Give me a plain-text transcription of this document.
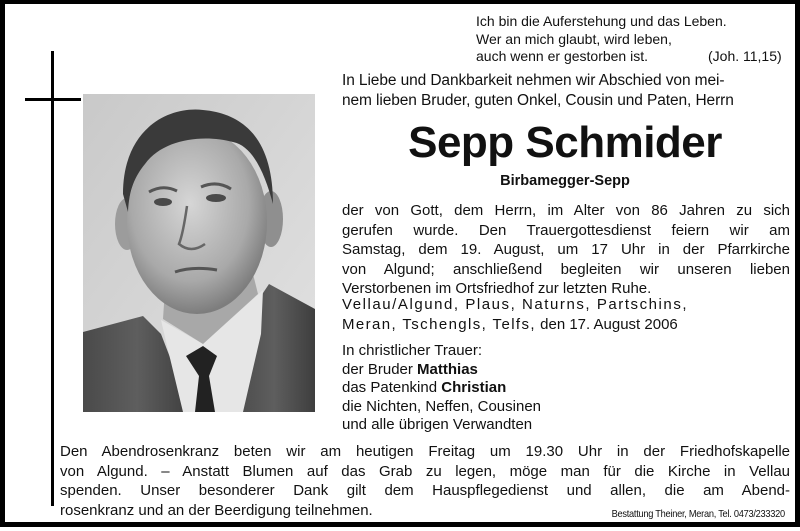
Ich bin die Auferstehung und das Leben.
Wer an mich glaubt, wird leben,
auch wenn er gestorben ist.	(Joh. 11,15)
In Liebe und Dankbarkeit nehmen wir Abschied von mei-
nem lieben Bruder, guten Onkel, Cousin und Paten, Herrn
Sepp Schmider
Birbamegger-Sepp
der von Gott, dem Herrn, im Alter von 86 Jahren zu sich
gerufen wurde. Den Trauergottesdienst feiern wir am
Samstag, dem 19. August, um 17 Uhr in der Pfarrkirche
von Algund; anschließend begleiten wir unseren lieben
Verstorbenen im Ortsfriedhof zur letzten Ruhe.
Vellau/Algund, Plaus, Naturns, Partschins,
Meran, Tschengls, Telfs, den 17. August 2006
In christlicher Trauer:
der Bruder Matthias
das Patenkind Christian
die Nichten, Neffen, Cousinen
und alle übrigen Verwandten
Den Abendrosenkranz beten wir am heutigen Freitag um 19.30 Uhr in der Friedhofskapelle
von Algund. – Anstatt Blumen auf das Grab zu legen, möge man für die Kirche in Vellau
spenden. Unser besonderer Dank gilt dem Hauspflegedienst und allen, die am Abend-
rosenkranz und an der Beerdigung teilnehmen.	Bestattung Theiner, Meran, Tel. 0473/233320
